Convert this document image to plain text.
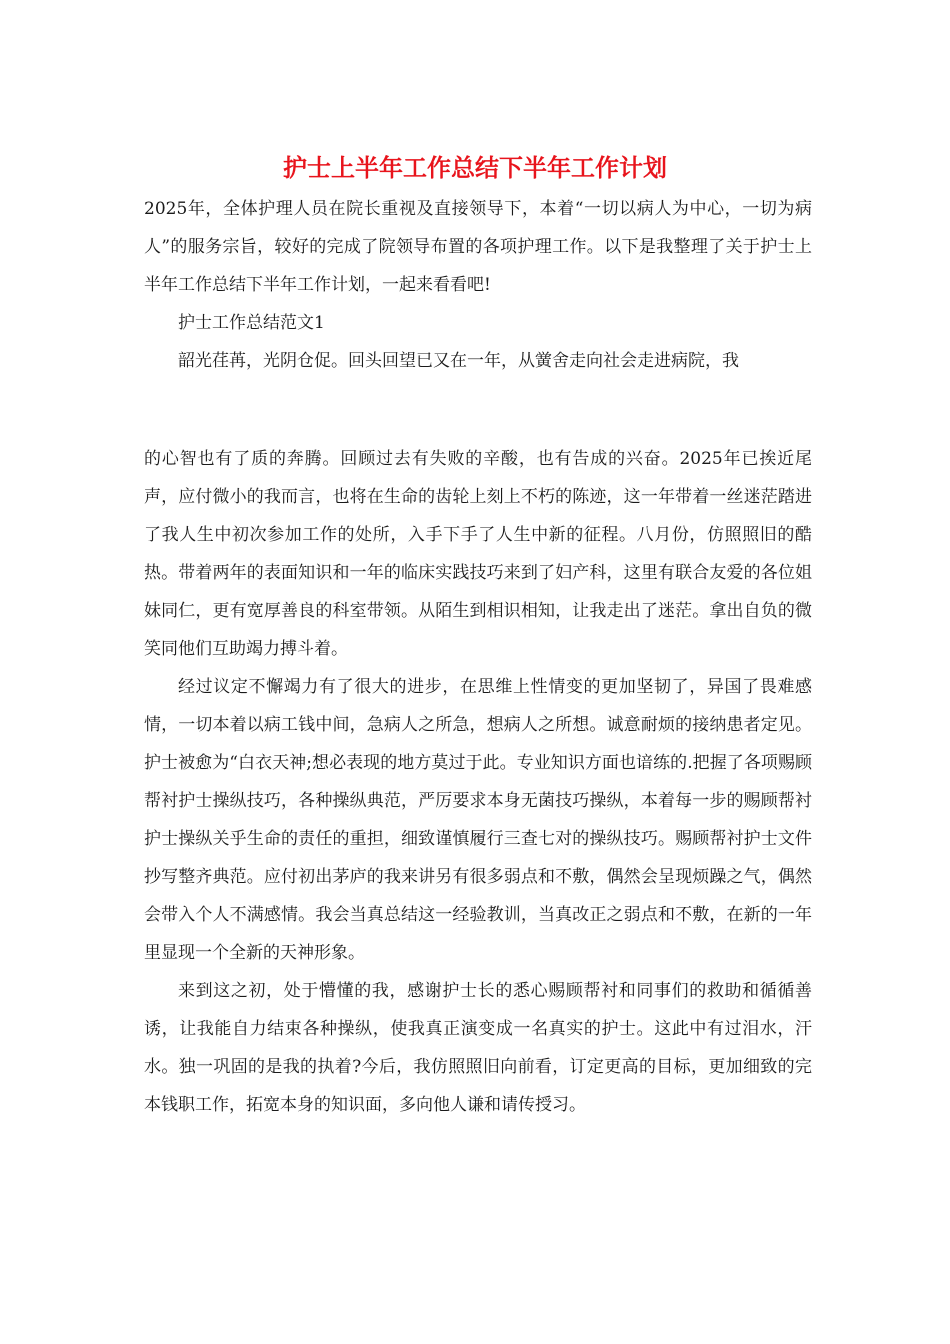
护士上半年工作总结下半年工作计划

2025年，全体护理人员在院长重视及直接领导下，本着“一切以病人为中心，一切为病人”的服务宗旨，较好的完成了院领导布置的各项护理工作。以下是我整理了关于护士上半年工作总结下半年工作计划，一起来看看吧!

护士工作总结范文1

韶光荏苒，光阴仓促。回头回望已又在一年，从黉舍走向社会走进病院，我

的心智也有了质的奔腾。回顾过去有失败的辛酸，也有告成的兴奋。2025年已挨近尾声，应付微小的我而言，也将在生命的齿轮上刻上不朽的陈迹，这一年带着一丝迷茫踏进了我人生中初次参加工作的处所，入手下手了人生中新的征程。八月份，仿照照旧的酷热。带着两年的表面知识和一年的临床实践技巧来到了妇产科，这里有联合友爱的各位姐妹同仁，更有宽厚善良的科室带领。从陌生到相识相知，让我走出了迷茫。拿出自负的微笑同他们互助竭力搏斗着。

经过议定不懈竭力有了很大的进步，在思维上性情变的更加坚韧了，异国了畏难感情，一切本着以病工钱中间，急病人之所急，想病人之所想。诚意耐烦的接纳患者定见。护士被愈为“白衣天神;想必表现的地方莫过于此。专业知识方面也谙练的.把握了各项赐顾帮衬护士操纵技巧，各种操纵典范，严厉要求本身无菌技巧操纵，本着每一步的赐顾帮衬护士操纵关乎生命的责任的重担，细致谨慎履行三查七对的操纵技巧。赐顾帮衬护士文件抄写整齐典范。应付初出茅庐的我来讲另有很多弱点和不敷，偶然会呈现烦躁之气，偶然会带入个人不满感情。我会当真总结这一经验教训，当真改正之弱点和不敷，在新的一年里显现一个全新的天神形象。

来到这之初，处于懵懂的我，感谢护士长的悉心赐顾帮衬和同事们的救助和循循善诱，让我能自力结束各种操纵，使我真正演变成一名真实的护士。这此中有过泪水，汗水。独一巩固的是我的执着?今后，我仿照照旧向前看，订定更高的目标，更加细致的完本钱职工作，拓宽本身的知识面，多向他人谦和请传授习。
